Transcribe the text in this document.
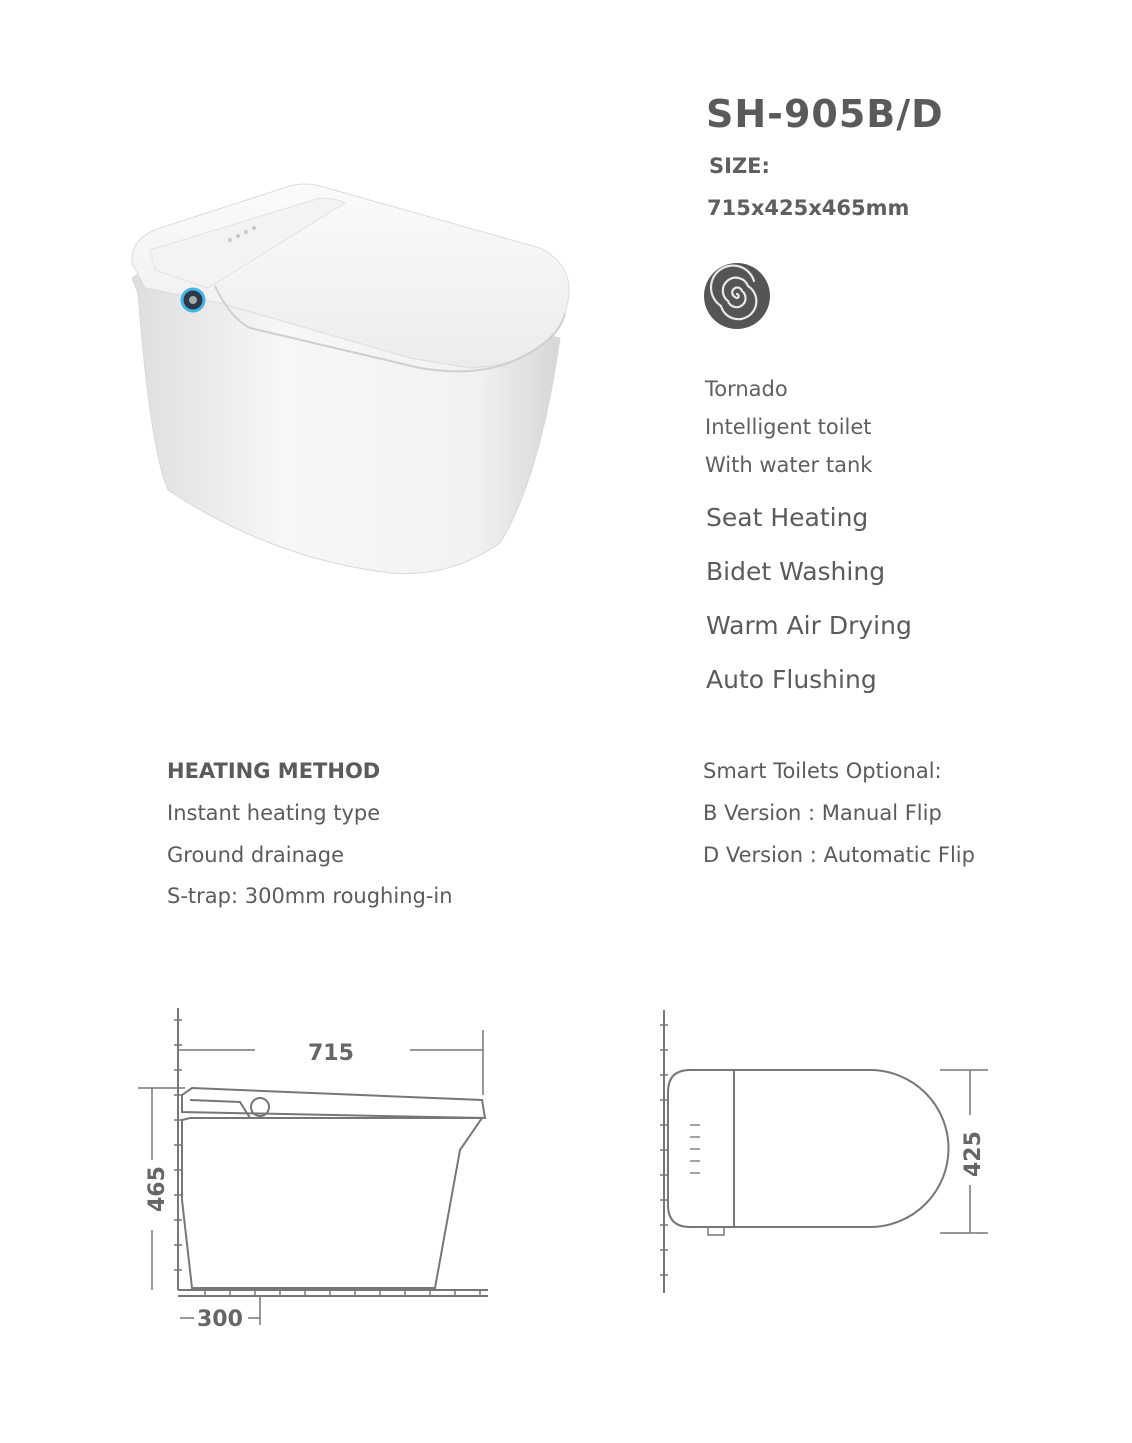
SH-905B/D
SIZE:
715x425x465mm
Tornado
Intelligent toilet
With water tank
Seat Heating
Bidet Washing
Warm Air Drying
Auto Flushing
HEATING METHOD
Instant heating type
Ground drainage
S-trap: 300mm roughing-in
Smart Toilets Optional:
B Version : Manual Flip
D Version : Automatic Flip
715
465
300
425
